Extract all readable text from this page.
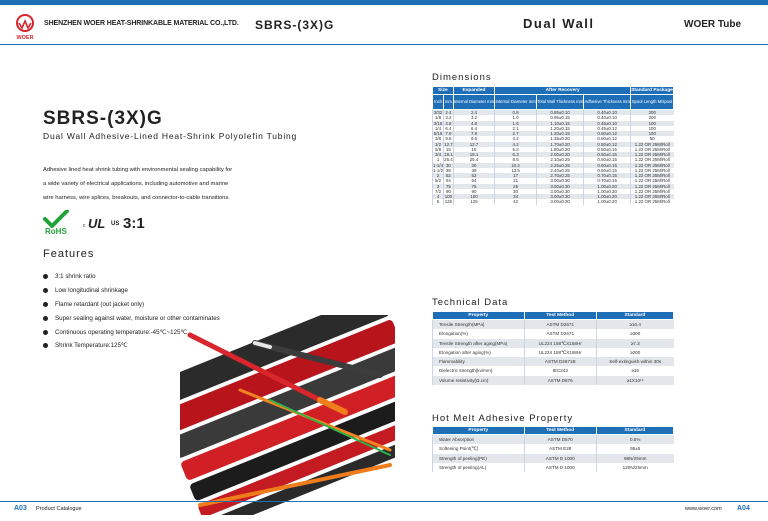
WOER
SHENZHEN WOER HEAT-SHRINKABLE MATERIAL CO.,LTD. SBRS-(3X)G	Dual Wall	WOER Tube
SBRS-(3X)G
Dual Wall Adhesive-Lined Heat-Shrink Polyolefin Tubing
Adhesive lined heat shrink tubing with environmental sealing capability for
a wide variety of electrical applications, including automotive and marine
wire harness, wire splices, breakouts, and connector-to-cable transitions.
RoHS
c UL US 3:1
Features
3:1 shrink ratio
Low longitudinal shrinkage
Flame retardant (out jacket only)
Super sealing against water, moisture or other contaminates
Continuous operating temperature:-45℃~125℃
Shrink Temperature:125℃
Dimensions
Size		Expanded	After Recovery			Standard Package
Inch	mm	Internal Diameter mm	Internal Diameter mm	Total Wall Thickness mm	Adhesive Thickness mm	Spool Length M/spool
3/32	2.4	2.4	0.8	0.85±0.10	0.40±0.10	200
1/8	3.2	3.2	1.0	0.95±0.15	0.40±0.10	200
3/16	4.8	4.8	1.6	1.10±0.15	0.45±0.10	100
1/4	6.4	6.4	2.1	1.20±0.15	0.45±0.12	100
5/16	7.9	7.9	2.7	1.20±0.15	0.50±0.12	100
3/8	9.5	9.5	3.2	1.35±0.20	0.50±0.12	50
1/2	12.7	12.7	4.2	1.70±0.20	0.50±0.12	1.22 OR 25M/Roll
5/8	15	15	5.2	1.80±0.20	0.50±0.15	1.22 OR 25M/Roll
3/4	19.1	19.1	6.3	2.00±0.20	0.50±0.15	1.22 OR 25M/Roll
1	25.4	25.4	8.5	2.10±0.25	0.50±0.15	1.22 OR 25M/Roll
1-1/4	30	30	10.2	2.25±0.25	0.60±0.15	1.22 OR 25M/Roll
1-1/2	39	39	13.5	2.40±0.25	0.60±0.15	1.22 OR 25M/Roll
2	52	52	17	2.70±0.25	0.70±0.15	1.22 OR 25M/Roll
5/2	64	64	21	3.00±0.30	0.70±0.15	1.22 OR 25M/Roll
3	75	75	25	3.00±0.30	1.00±0.20	1.22 OR 25M/Roll
7/2	90	90	30	3.00±0.30	1.00±0.20	1.22 OR 25M/Roll
4	100	100	34	3.00±0.30	1.00±0.20	1.22 OR 25M/Roll
5	125	125	42	3.00±0.30	1.00±0.20	1.22 OR 25M/Roll
Technical Data
Property	Test Method	Standard
Tensile Strength(MPa)	ASTM D2671	≥10.4
Elongation(%)	ASTM D2671	≥300
Tensile Strength after aging(MPa)	UL224 158℃X168Hr	≥7.3
Elongation after aging(%)	UL224 158℃X168Hr	≥200
Flammability	ASTM D2671B	Self-extinguish within 30s
Dielectric strength(kv/mm)	IEC243	≥15
Volume resistivity(Ω.cm)	ASTM D876	≥1X10¹⁴
Hot Melt Adhesive Property
Property	Test Method	Standard
Water Absorption	ASTM D570	0.5%
Softening Point(℃)	ASTM E28	95±5
Strength of peeling(PE)	ASTM D 1000	98N/25mm
Strength of peeling(AL)	ASTM D 1000	120N/25mm
A03 Product Catalogue	www.woer.com A04
